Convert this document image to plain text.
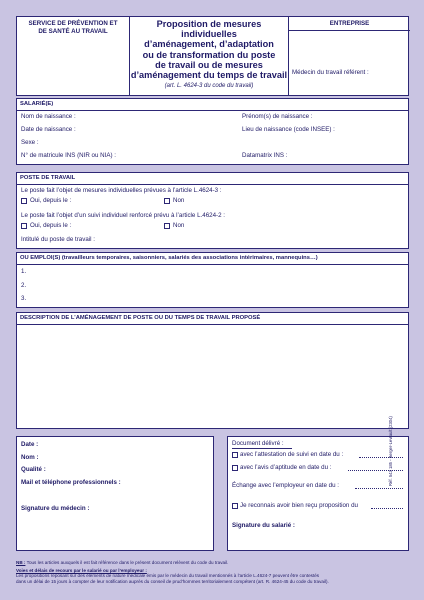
SERVICE DE PRÉVENTION ET DE SANTÉ AU TRAVAIL
Proposition de mesures individuelles
d’aménagement, d’adaptation
ou de transformation du poste
de travail ou de mesures
d’aménagement du temps de travail
(art. L. 4624-3 du code du travail)
ENTREPRISE
Médecin du travail référent :
SALARIÉ(E)
Nom de naissance :	Prénom(s) de naissance :
Date de naissance :	Lieu de naissance (code INSEE) :
Sexe :
N° de matricule INS (NIR ou NIA) :	Datamatrix INS :
POSTE DE TRAVAIL
Le poste fait l’objet de mesures individuelles prévues à l’article L.4624-3 :
Oui, depuis le :	Non
Le poste fait l’objet d’un suivi individuel renforcé prévu à l’article L.4624-2 :
Oui, depuis le :	Non
Intitulé du poste de travail :
OU EMPLOI(S) (travailleurs temporaires, saisonniers, salariés des associations intérimaires, mannequins…)
1.
2.
3.
DESCRIPTION DE L’AMÉNAGEMENT DE POSTE OU DU TEMPS DE TRAVAIL PROPOSÉ
Date :
Nom :
Qualité :
Mail et téléphone professionnels :
Signature du médecin :
Document délivré :
avec l’attestation de suivi en date du :
avec l’avis d’aptitude en date du :
Échange avec l’employeur en date du :
Je reconnais avoir bien reçu proposition du
Signature du salarié :
NB : Tous les articles auxquels il est fait référence dans le présent document relèvent du code du travail.
Voies et délais de recours par le salarié ou par l’employeur :
Les propositions reposant sur des éléments de nature médicale émis par le médecin du travail mentionnés à l’article L.4624-7 peuvent être contestés
dans un délai de 15 jours à compter de leur notification auprès du conseil de prud’hommes territorialement compétent (art. R. 4624-45 du code du travail).
Réf. 543 185 - Berger-Levrault (2304)
